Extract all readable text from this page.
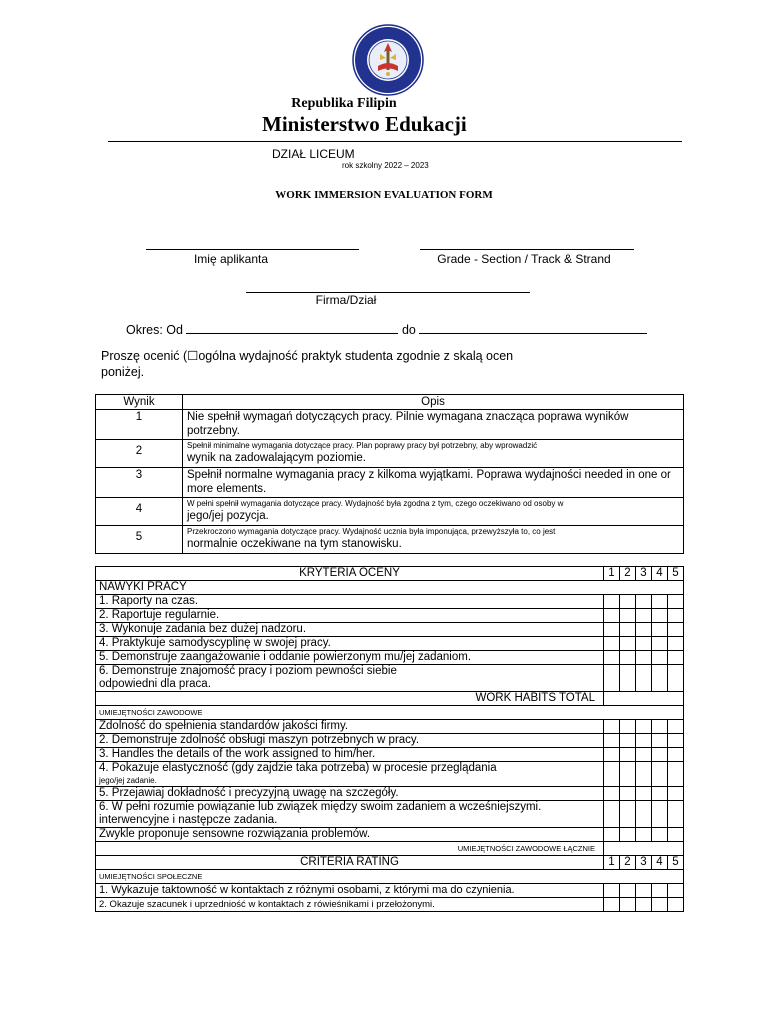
Republika Filipin
Ministerstwo Edukacji
DZIAŁ LICEUM
rok szkolny 2022 – 2023
WORK IMMERSION EVALUATION FORM
Imię aplikanta	Grade - Section / Track & Strand
Firma/Dział
Okres: Od	do
Proszę ocenić (☐ogólna wydajność praktyk studenta zgodnie z skalą ocen poniżej.
Wynik	Opis
1	Nie spełnił wymagań dotyczących pracy. Pilnie wymagana znacząca poprawa wyników potrzebny.
2	Spełnił minimalne wymagania dotyczące pracy. Plan poprawy pracy był potrzebny, aby wprowadzić
wynik na zadowalającym poziomie.
3	Spełnił normalne wymagania pracy z kilkoma wyjątkami. Poprawa wydajności needed in one or more elements.
4	W pełni spełnił wymagania dotyczące pracy. Wydajność była zgodna z tym, czego oczekiwano od osoby w
jego/jej pozycja.
5	Przekroczono wymagania dotyczące pracy. Wydajność ucznia była imponująca, przewyższyła to, co jest
normalnie oczekiwane na tym stanowisku.
KRYTERIA OCENY	1	2	3	4	5
NAWYKI PRACY					
1. Raporty na czas.					
2. Raportuje regularnie.					
3. Wykonuje zadania bez dużej nadzoru.					
4. Praktykuje samodyscyplinę w swojej pracy.					
5. Demonstruje zaangażowanie i oddanie powierzonym mu/jej zadaniom.					
6. Demonstruje znajomość pracy i poziom pewności siebie odpowiedni dla praca.					
WORK HABITS TOTAL					
UMIEJĘTNOŚCI ZAWODOWE					
Zdolność do spełnienia standardów jakości firmy.					
2. Demonstruje zdolność obsługi maszyn potrzebnych w pracy.					
3. Handles the details of the work assigned to him/her.					
4. Pokazuje elastyczność (gdy zajdzie taka potrzeba) w procesie przeglądania
jego/jej zadanie.					

5. Przejawiaj dokładność i precyzyjną uwagę na szczegóły.					

6. W pełni rozumie powiązanie lub związek między swoim zadaniem a wcześniejszymi. interwencyjne i następcze zadania.					

Zwykle proponuje sensowne rozwiązania problemów.					
UMIEJĘTNOŚCI ZAWODOWE ŁĄCZNIE					
CRITERIA RATING	1	2	3	4	5
UMIEJĘTNOŚCI SPOŁECZNE					
1. Wykazuje taktowność w kontaktach z różnymi osobami, z którymi ma do czynienia.					
2. Okazuje szacunek i uprzedniość w kontaktach z rówieśnikami i przełożonymi.					
